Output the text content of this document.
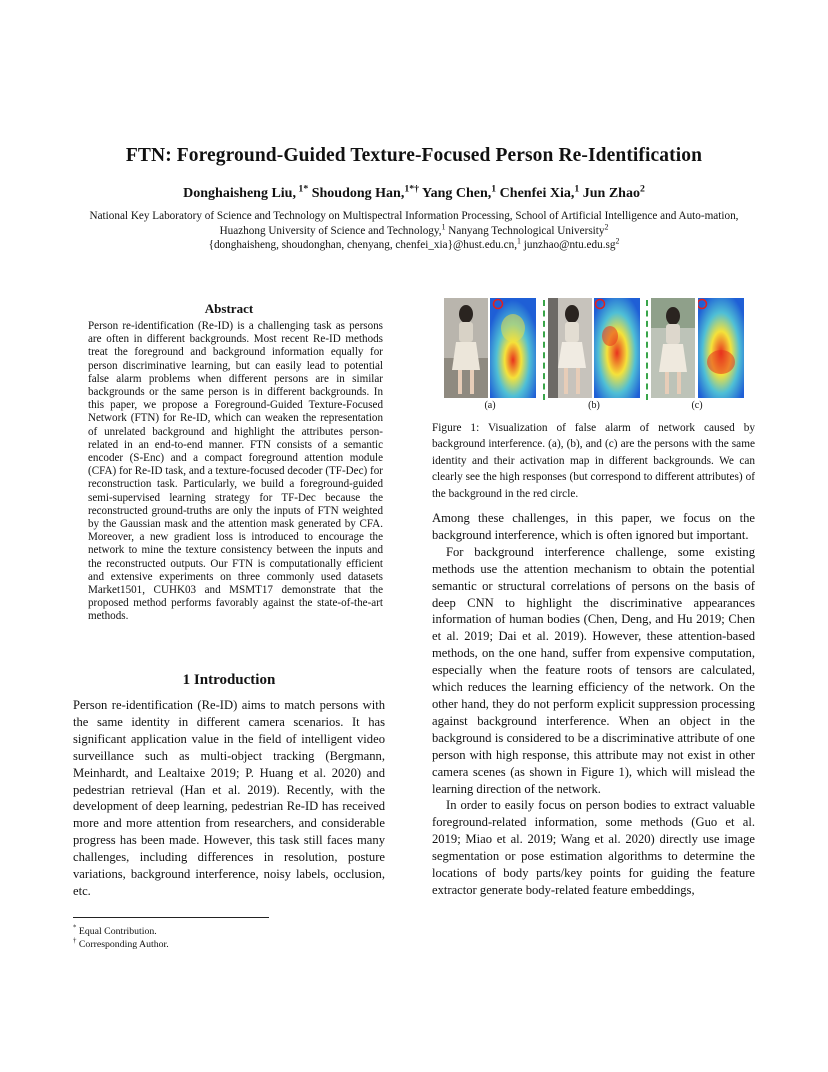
FTN: Foreground-Guided Texture-Focused Person Re-Identification
Donghaisheng Liu, $^{1*}$ Shoudong Han,$^{1*\dagger}$ Yang Chen,$^1$ Chenfei Xia,$^1$ Jun Zhao$^2$
National Key Laboratory of Science and Technology on Multispectral Information Processing, School of Artificial Intelligence and Auto-mation, Huazhong University of Science and Technology,$^1$ Nanyang Technological University$^2$
{donghaisheng, shoudonghan, chenyang, chenfei_xia}@hust.edu.cn,$^1$ $junzhao@ntu.edu.sg^2$
Abstract

Person re-identification (Re-ID) is a challenging task as persons are often in different backgrounds. Most recent Re-ID methods treat the foreground and background information equally for person discriminative learning, but can easily lead to potential false alarm problems when different persons are in similar backgrounds or the same person is in different backgrounds. In this paper, we propose a Foreground-Guided Texture-Focused Network (FTN) for Re-ID, which can weaken the representation of unrelated background and highlight the attributes person-related in an end-to-end manner. FTN consists of a semantic encoder (S-Enc) and a compact foreground attention module (CFA) for Re-ID task, and a texture-focused decoder (TF-Dec) for reconstruction task. Particularly, we build a foreground-guided semi-supervised learning strategy for TF-Dec because the reconstructed ground-truths are only the inputs of FTN weighted by the Gaussian mask and the attention mask generated by CFA. Moreover, a new gradient loss is introduced to encourage the network to mine the texture consistency between the inputs and the reconstructed outputs. Our FTN is computationally efficient and extensive experiments on three commonly used datasets Market1501, CUHK03 and MSMT17 demonstrate that the proposed method performs favorably against the state-of-the-art methods.

1 Introduction

Person re-identification (Re-ID) aims to match persons with the same identity in different camera scenarios. It has significant application value in the field of intelligent video surveillance such as multi-object tracking (Bergmann, Meinhardt, and Lealtaixe 2019; P. Huang et al. 2020) and pedestrian retrieval (Han et al. 2019). Recently, with the development of deep learning, pedestrian Re-ID has received more and more attention from researchers, and considerable progress has been made. However, this task still faces many challenges, including differences in resolution, posture variations, background interference, noisy labels, occlusion, etc.

* Equal Contribution.
† Corresponding Author.
(a)	(b)	(c)

Figure 1: Visualization of false alarm of network caused by background interference. (a), (b), and (c) are the persons with the same identity and their activation map in different backgrounds. We can clearly see the high responses (but correspond to different attributes) of the background in the red circle.

Among these challenges, in this paper, we focus on the background interference, which is often ignored but important.

For background interference challenge, some existing methods use the attention mechanism to obtain the potential semantic or structural correlations of persons on the basis of deep CNN to highlight the discriminative appearances information of human bodies (Chen, Deng, and Hu 2019; Chen et al. 2019; Dai et al. 2019). However, these attention-based methods, on the one hand, suffer from expensive computation, especially when the feature roots of tensors are calculated, which reduces the learning efficiency of the network. On the other hand, they do not perform explicit suppression processing against background interference. When an object in the background is considered to be a discriminative attribute of one person with high response, this attribute may not exist in other camera scenes (as shown in Figure 1), which will mislead the learning direction of the network.

In order to easily focus on person bodies to extract valuable foreground-related information, some methods (Guo et al. 2019; Miao et al. 2019; Wang et al. 2020) directly use image segmentation or pose estimation algorithms to determine the locations of body parts/key points for guiding the feature extractor generate body-related feature embeddings,
